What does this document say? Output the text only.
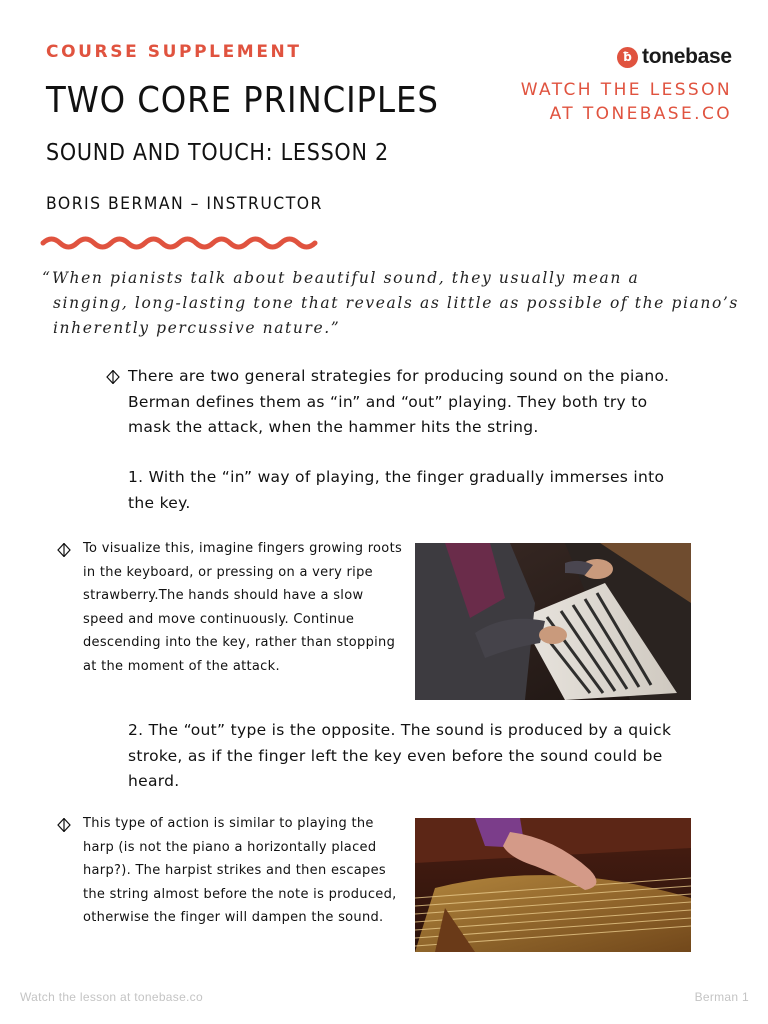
COURSE SUPPLEMENT
TWO CORE PRINCIPLES
SOUND AND TOUCH: LESSON 2
BORIS BERMAN – INSTRUCTOR
ƀ tonebase
WATCH THE LESSON
AT TONEBASE.CO
“When pianists talk about beautiful sound, they usually mean a
singing, long-lasting tone that reveals as little as possible of the piano’s
inherently percussive nature.”
There are two general strategies for producing sound on the piano. Berman defines them as “in” and “out” playing. They both try to mask the attack, when the hammer hits the string.
1. With the “in” way of playing, the finger gradually immerses into the key.
To visualize this, imagine fingers growing roots in the keyboard, or pressing on a very ripe strawberry.The hands should have a slow speed and move continuously. Continue descending into the key, rather than stopping at the moment of the attack.
2. The “out” type is the opposite. The sound is produced by a quick stroke, as if the finger left the key even before the sound could be heard.
This type of action is similar to playing the harp (is not the piano a horizontally placed harp?). The harpist strikes and then escapes the string almost before the note is produced, otherwise the finger will dampen the sound.
Watch the lesson at tonebase.co	Berman 1
